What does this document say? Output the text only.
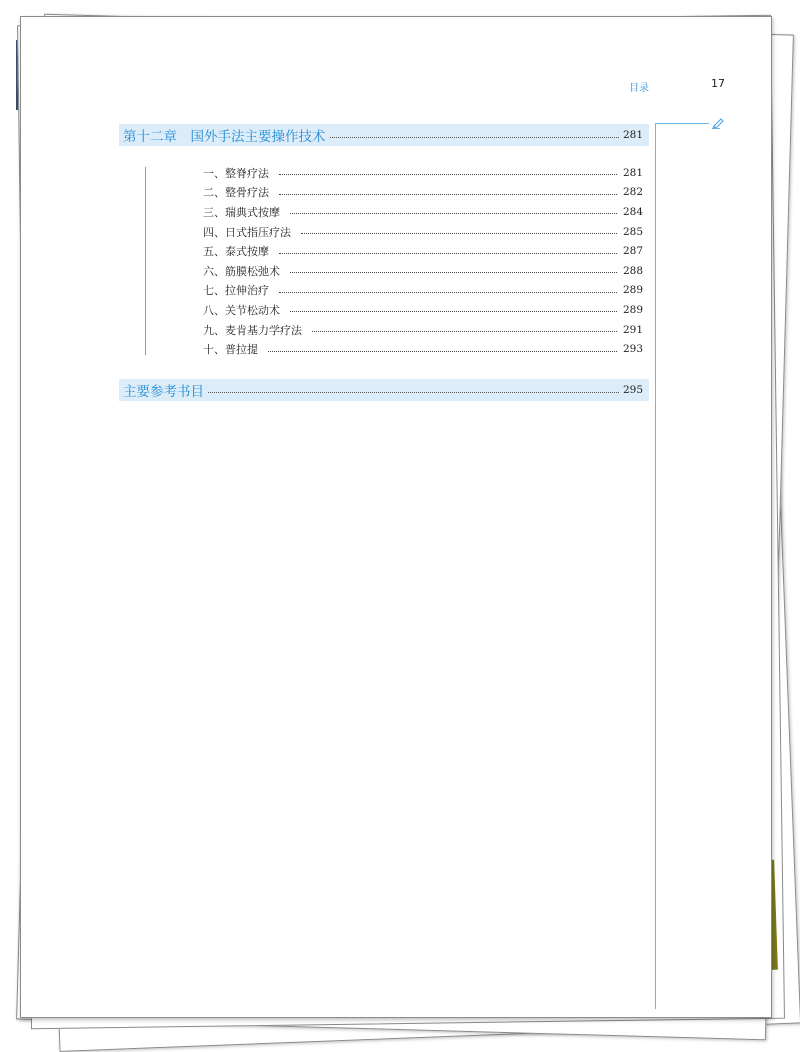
目录	17
第十二章　国外手法主要操作技术	281
一、整脊疗法	281
二、整骨疗法	282
三、瑞典式按摩	284
四、日式指压疗法	285
五、泰式按摩	287
六、筋膜松弛术	288
七、拉伸治疗	289
八、关节松动术	289
九、麦肯基力学疗法	291
十、普拉提	293
主要参考书目	295
